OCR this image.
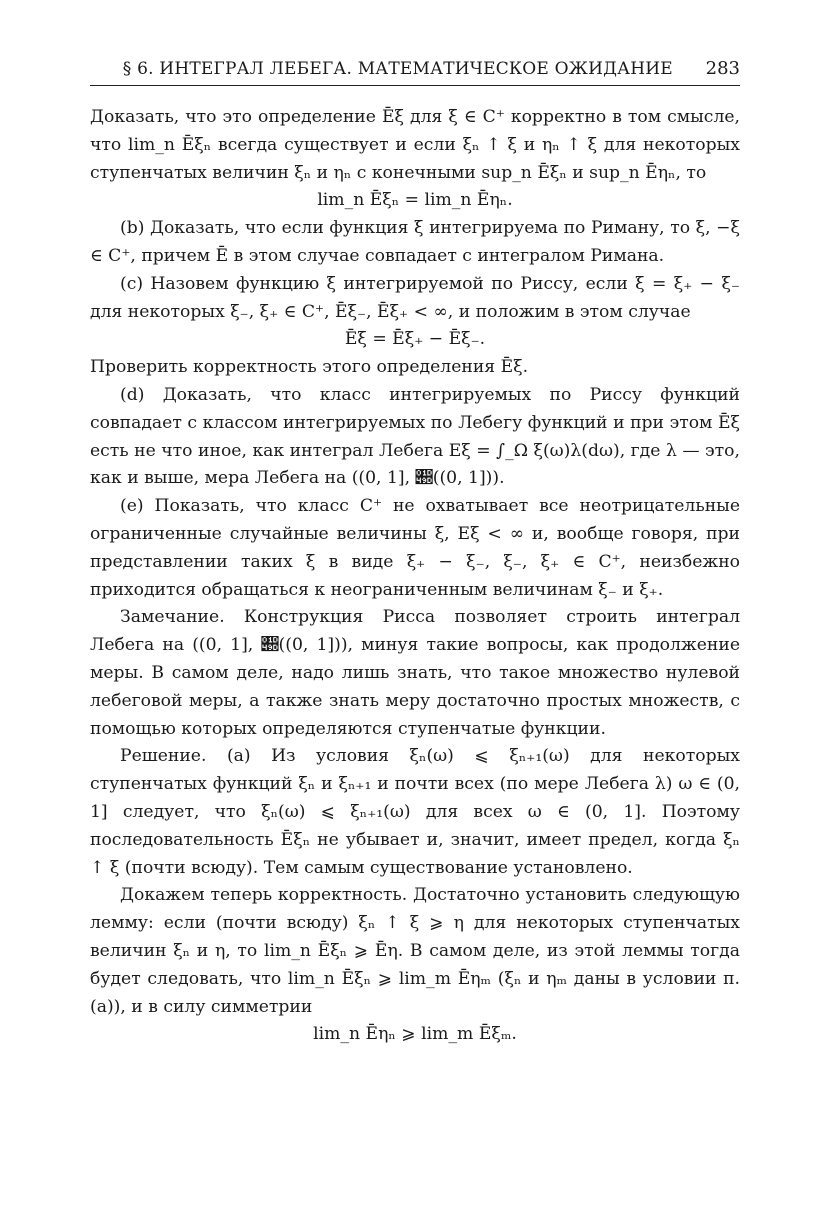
§ 6. ИНТЕГРАЛ ЛЕБЕГА. МАТЕМАТИЧЕСКОЕ ОЖИДАНИЕ	283

Доказать, что это определение Ēξ для ξ ∈ C⁺ корректно в том смысле, что lim_n Ēξₙ всегда существует и если ξₙ ↑ ξ и ηₙ ↑ ξ для некоторых ступенчатых величин ξₙ и ηₙ с конечными sup_n Ēξₙ и sup_n Ēηₙ, то

lim_n Ēξₙ = lim_n Ēηₙ.

(b) Доказать, что если функция ξ интегрируема по Риману, то ξ, −ξ ∈ C⁺, причем Ē в этом случае совпадает с интегралом Римана.

(c) Назовем функцию ξ интегрируемой по Риссу, если ξ = ξ₊ − ξ₋ для некоторых ξ₋, ξ₊ ∈ C⁺, Ēξ₋, Ēξ₊ < ∞, и положим в этом случае

Ēξ = Ēξ₊ − Ēξ₋.

Проверить корректность этого определения Ēξ.

(d) Доказать, что класс интегрируемых по Риссу функций совпадает с классом интегрируемых по Лебегу функций и при этом Ēξ есть не что иное, как интеграл Лебега Eξ = ∫_Ω ξ(ω)λ(dω), где λ — это, как и выше, мера Лебега на ((0, 1], 𝒝((0, 1])).

(e) Показать, что класс C⁺ не охватывает все неотрицательные ограниченные случайные величины ξ, Eξ < ∞ и, вообще говоря, при представлении таких ξ в виде ξ₊ − ξ₋, ξ₋, ξ₊ ∈ C⁺, неизбежно приходится обращаться к неограниченным величинам ξ₋ и ξ₊.

Замечание. Конструкция Рисса позволяет строить интеграл Лебега на ((0, 1], 𝒝((0, 1])), минуя такие вопросы, как продолжение меры. В самом деле, надо лишь знать, что такое множество нулевой лебеговой меры, а также знать меру достаточно простых множеств, с помощью которых определяются ступенчатые функции.

Решение. (a) Из условия ξₙ(ω) ⩽ ξₙ₊₁(ω) для некоторых ступенчатых функций ξₙ и ξₙ₊₁ и почти всех (по мере Лебега λ) ω ∈ (0, 1] следует, что ξₙ(ω) ⩽ ξₙ₊₁(ω) для всех ω ∈ (0, 1]. Поэтому последовательность Ēξₙ не убывает и, значит, имеет предел, когда ξₙ ↑ ξ (почти всюду). Тем самым существование установлено.

Докажем теперь корректность. Достаточно установить следующую лемму: если (почти всюду) ξₙ ↑ ξ ⩾ η для некоторых ступенчатых величин ξₙ и η, то lim_n Ēξₙ ⩾ Ēη. В самом деле, из этой леммы тогда будет следовать, что lim_n Ēξₙ ⩾ lim_m Ēηₘ (ξₙ и ηₘ даны в условии п. (a)), и в силу симметрии

lim_n Ēηₙ ⩾ lim_m Ēξₘ.
